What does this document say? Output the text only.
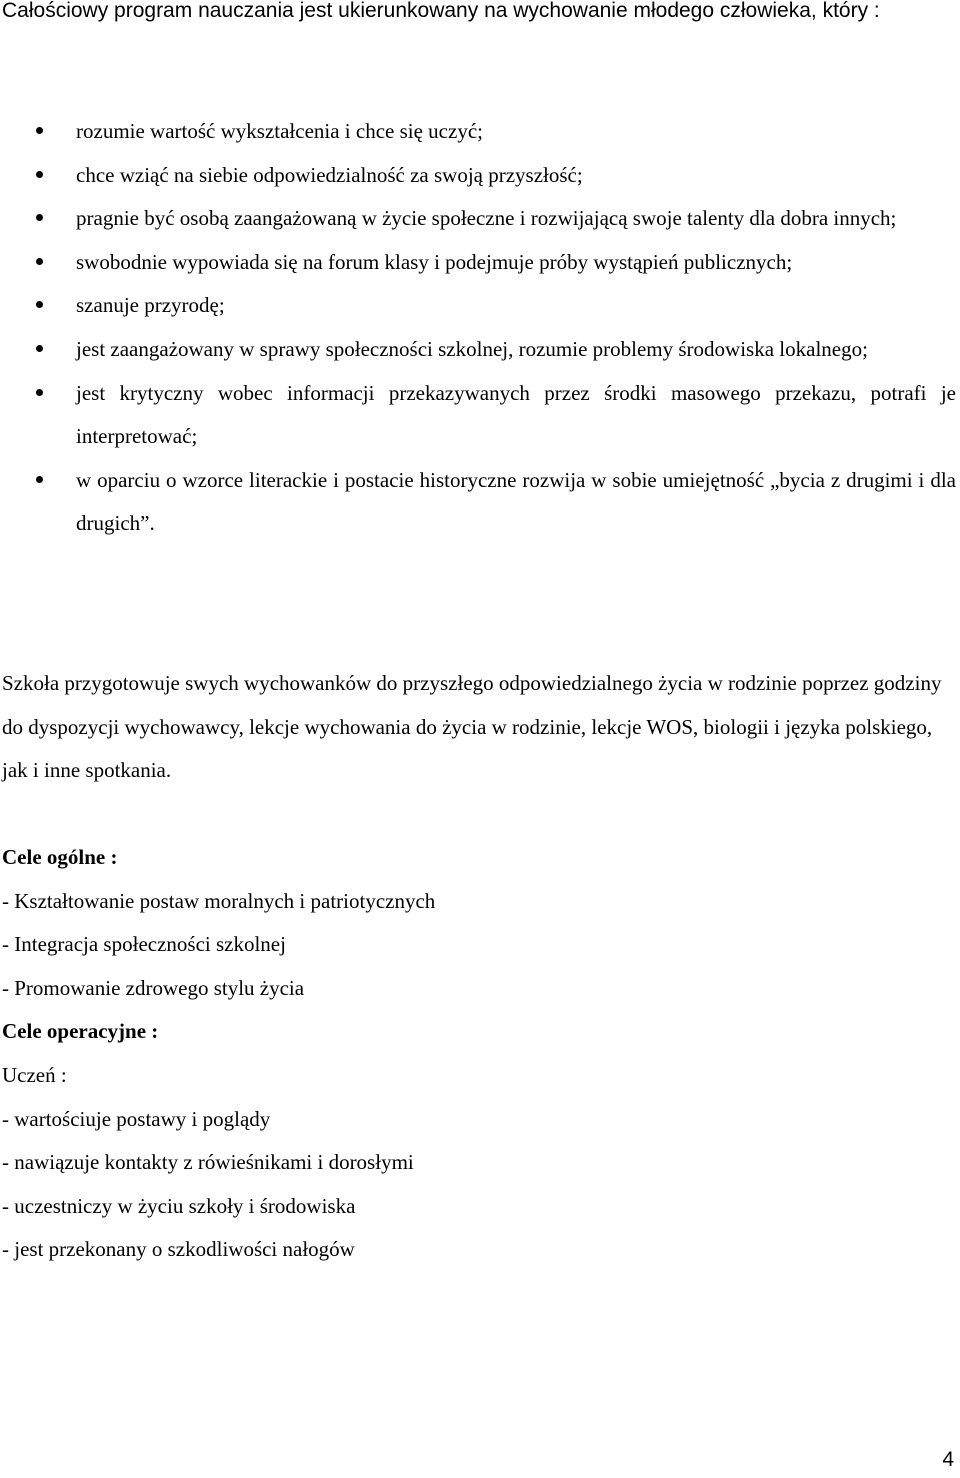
Całościowy program nauczania jest ukierunkowany na wychowanie młodego człowieka, który :

rozumie wartość wykształcenia i chce się uczyć;
chce wziąć na siebie odpowiedzialność za swoją przyszłość;
pragnie być osobą zaangażowaną w życie społeczne i rozwijającą swoje talenty dla dobra innych;
swobodnie wypowiada się na forum klasy i podejmuje próby wystąpień publicznych;
szanuje przyrodę;
jest zaangażowany w sprawy społeczności szkolnej, rozumie problemy środowiska lokalnego;
jest krytyczny wobec informacji przekazywanych przez środki masowego przekazu, potrafi je interpretować;
w oparciu o wzorce literackie i postacie historyczne rozwija w sobie umiejętność „bycia z drugimi i dla drugich”.

Szkoła przygotowuje swych wychowanków do przyszłego odpowiedzialnego życia w rodzinie poprzez godziny do dyspozycji wychowawcy, lekcje wychowania do życia w rodzinie, lekcje WOS, biologii i języka polskiego, jak i inne spotkania.

Cele ogólne :
- Kształtowanie postaw moralnych i patriotycznych
- Integracja społeczności szkolnej
- Promowanie zdrowego stylu życia
Cele operacyjne :
Uczeń :
- wartościuje postawy i poglądy
- nawiązuje kontakty z rówieśnikami i dorosłymi
- uczestniczy w życiu szkoły i środowiska
- jest przekonany o szkodliwości nałogów
4
